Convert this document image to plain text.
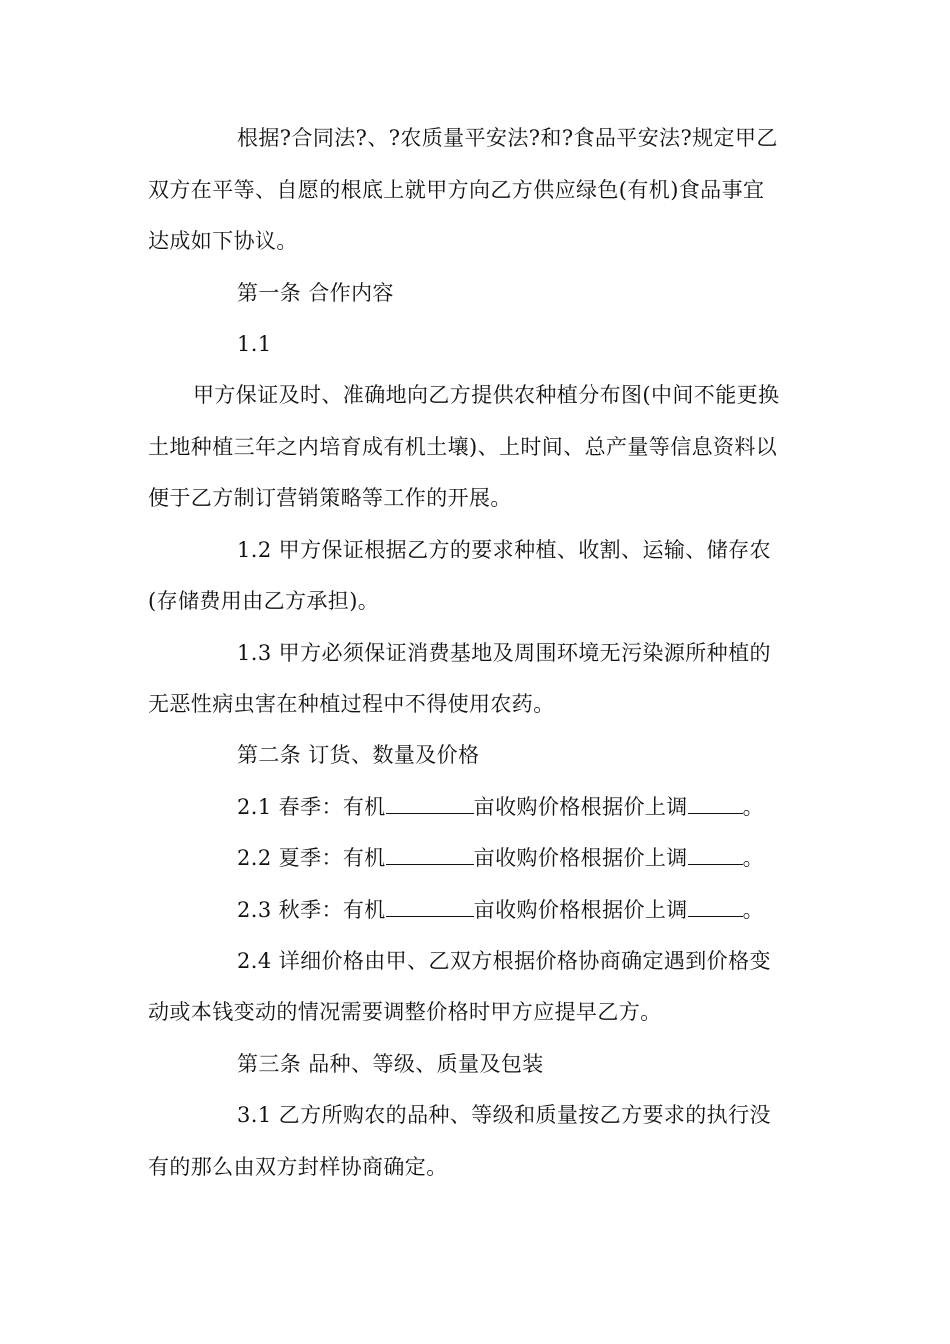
根据?合同法?、?农质量平安法?和?食品平安法?规定甲乙
双方在平等、自愿的根底上就甲方向乙方供应绿色(有机)食品事宜
达成如下协议。
第一条 合作内容
1.1
甲方保证及时、准确地向乙方提供农种植分布图(中间不能更换
土地种植三年之内培育成有机土壤)、上时间、总产量等信息资料以
便于乙方制订营销策略等工作的开展。
1.2 甲方保证根据乙方的要求种植、收割、运输、储存农
(存储费用由乙方承担)。
1.3 甲方必须保证消费基地及周围环境无污染源所种植的
无恶性病虫害在种植过程中不得使用农药。
第二条 订货、数量及价格
2.1 春季：有机	亩收购价格根据价上调	。
2.2 夏季：有机	亩收购价格根据价上调	。
2.3 秋季：有机	亩收购价格根据价上调	。
2.4 详细价格由甲、乙双方根据价格协商确定遇到价格变
动或本钱变动的情况需要调整价格时甲方应提早乙方。
第三条 品种、等级、质量及包装
3.1 乙方所购农的品种、等级和质量按乙方要求的执行没
有的那么由双方封样协商确定。
